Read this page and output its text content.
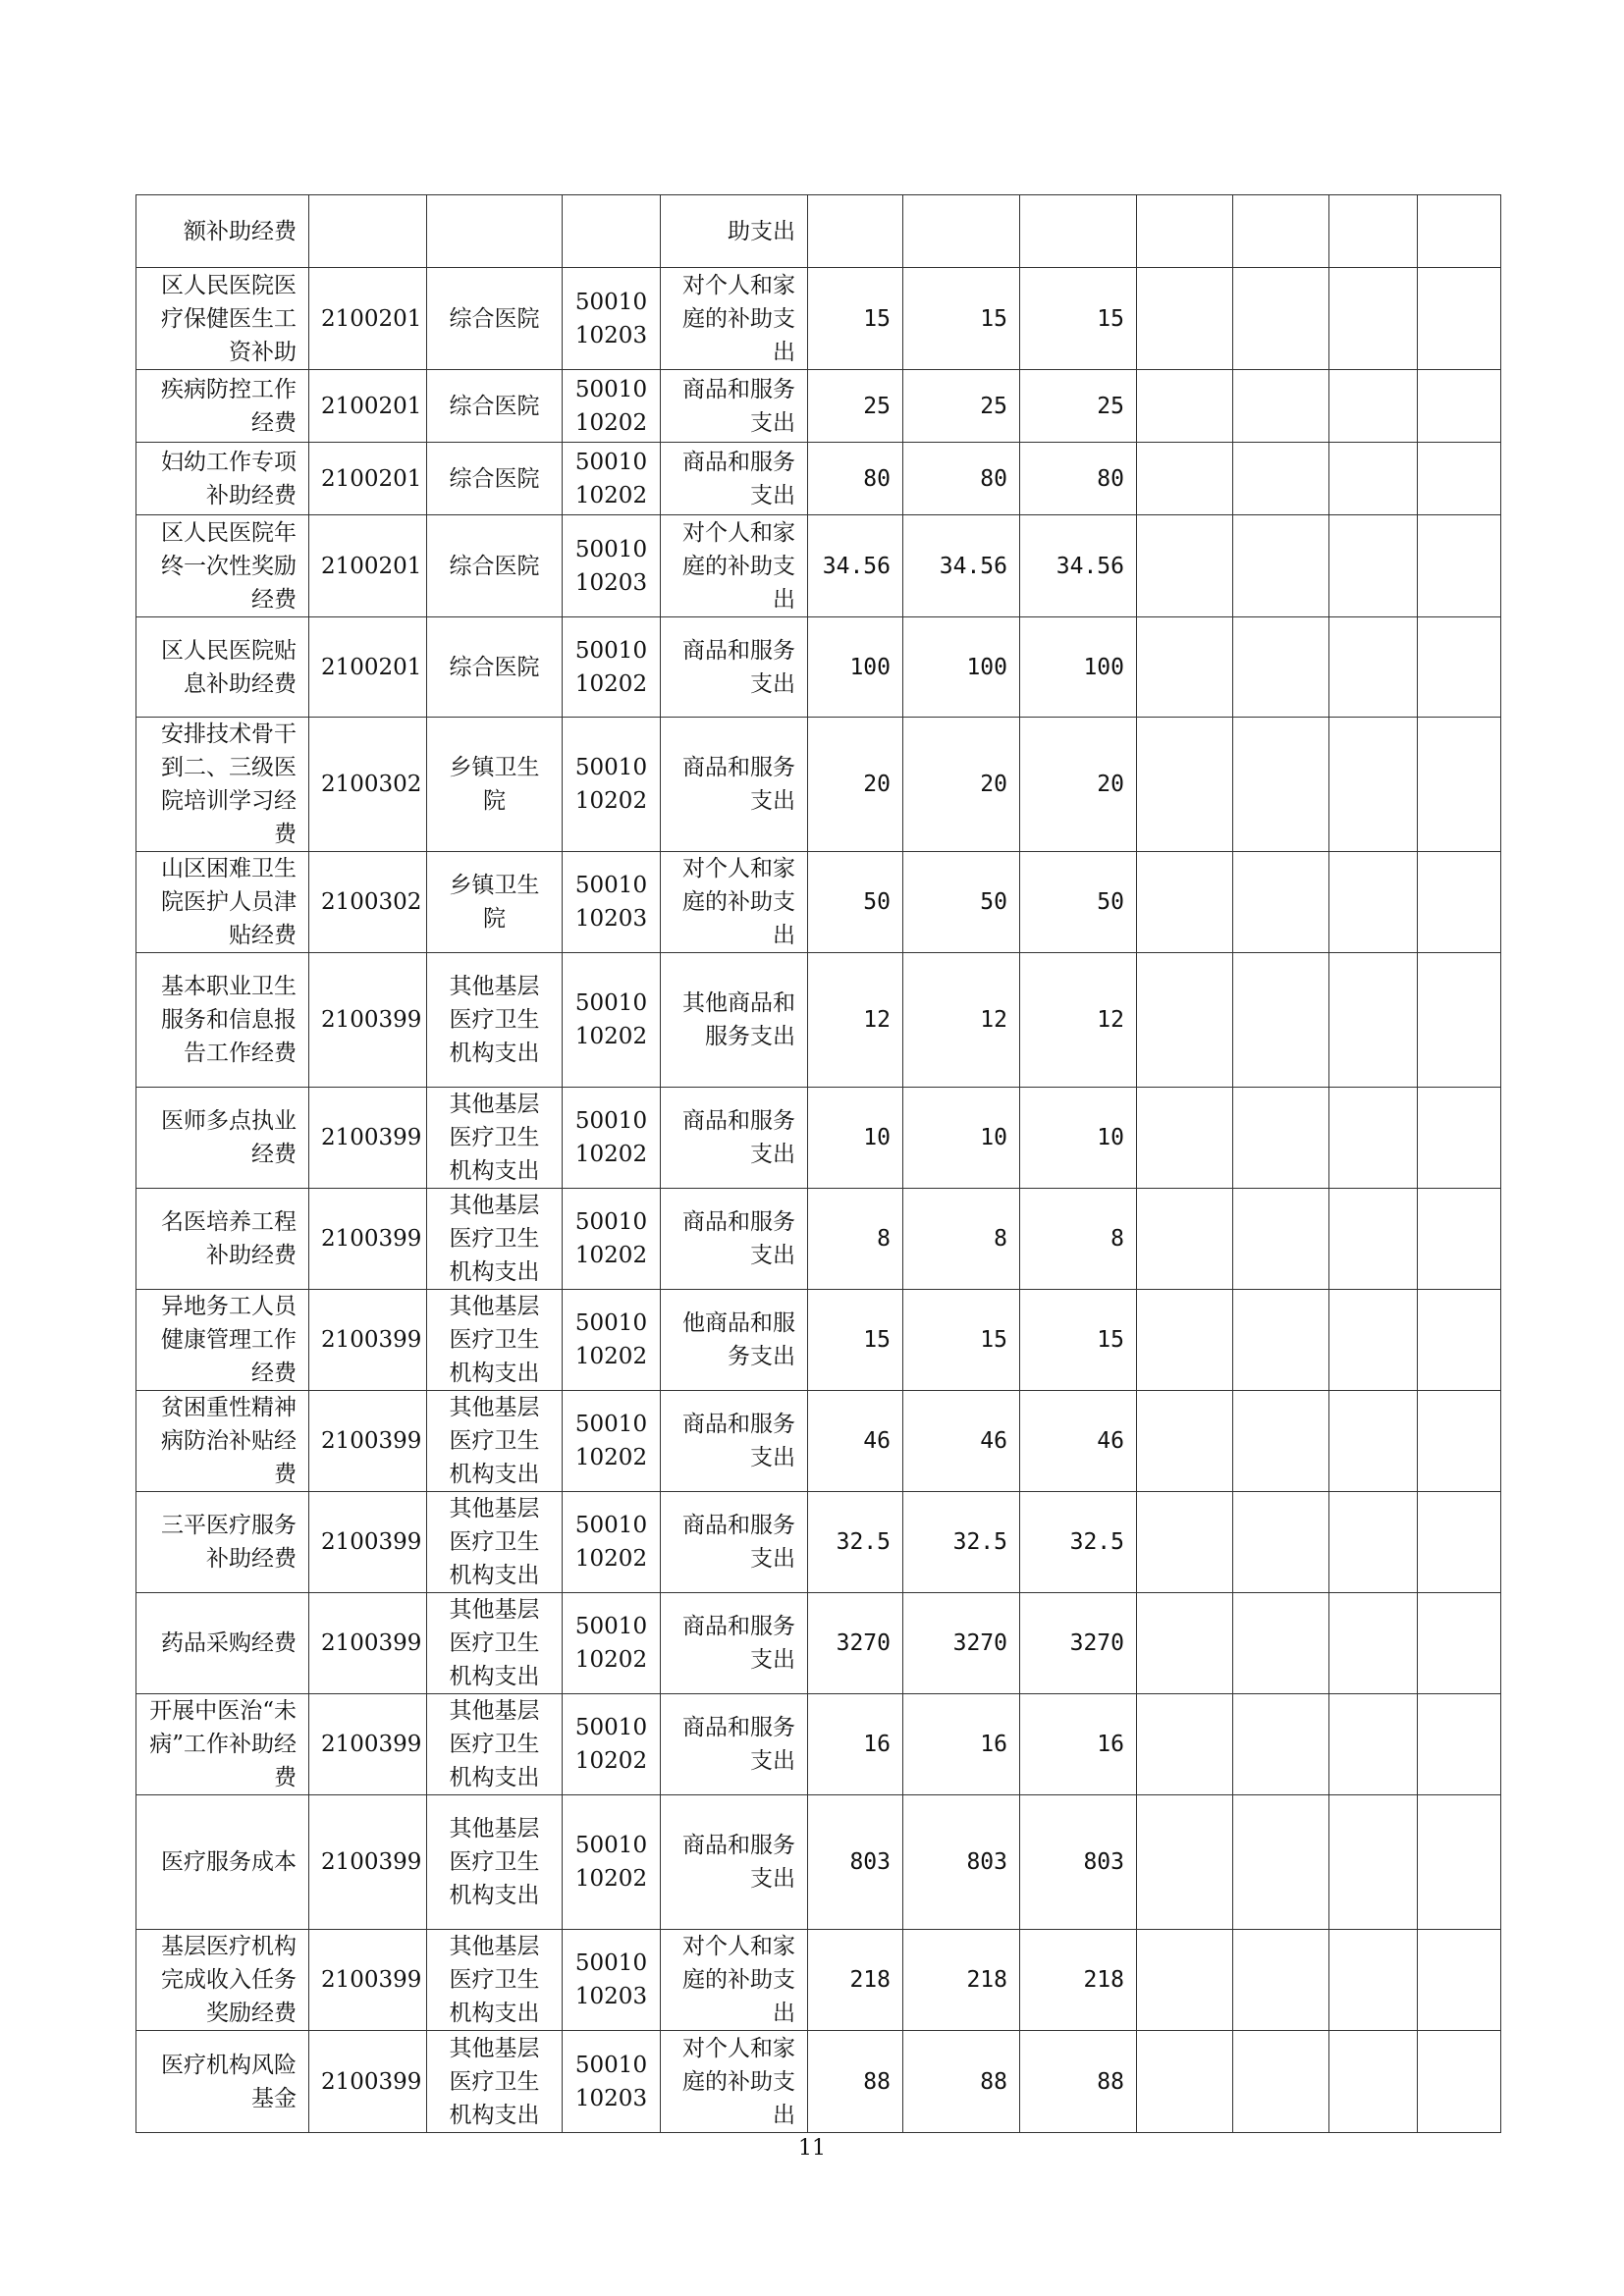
额补助经费				助支出							
区人民医院医疗保健医生工资补助	2100201	综合医院	5001010203	对个人和家庭的补助支出	15	15	15				
疾病防控工作经费	2100201	综合医院	5001010202	商品和服务支出	25	25	25				
妇幼工作专项补助经费	2100201	综合医院	5001010202	商品和服务支出	80	80	80				
区人民医院年终一次性奖励经费	2100201	综合医院	5001010203	对个人和家庭的补助支出	34.56	34.56	34.56				
区人民医院贴息补助经费	2100201	综合医院	5001010202	商品和服务支出	100	100	100				
安排技术骨干到二、三级医院培训学习经费	2100302	乡镇卫生院	5001010202	商品和服务支出	20	20	20				
山区困难卫生院医护人员津贴经费	2100302	乡镇卫生院	5001010203	对个人和家庭的补助支出	50	50	50				
基本职业卫生服务和信息报告工作经费	2100399	其他基层医疗卫生机构支出	5001010202	其他商品和服务支出	12	12	12				
医师多点执业经费	2100399	其他基层医疗卫生机构支出	5001010202	商品和服务支出	10	10	10				
名医培养工程补助经费	2100399	其他基层医疗卫生机构支出	5001010202	商品和服务支出	8	8	8				
异地务工人员健康管理工作经费	2100399	其他基层医疗卫生机构支出	5001010202	他商品和服务支出	15	15	15				
贫困重性精神病防治补贴经费	2100399	其他基层医疗卫生机构支出	5001010202	商品和服务支出	46	46	46				
三平医疗服务补助经费	2100399	其他基层医疗卫生机构支出	5001010202	商品和服务支出	32.5	32.5	32.5				
药品采购经费	2100399	其他基层医疗卫生机构支出	5001010202	商品和服务支出	3270	3270	3270				
开展中医治“未病”工作补助经费	2100399	其他基层医疗卫生机构支出	5001010202	商品和服务支出	16	16	16				
医疗服务成本	2100399	其他基层医疗卫生机构支出	5001010202	商品和服务支出	803	803	803				
基层医疗机构完成收入任务奖励经费	2100399	其他基层医疗卫生机构支出	5001010203	对个人和家庭的补助支出	218	218	218				
医疗机构风险基金	2100399	其他基层医疗卫生机构支出	5001010203	对个人和家庭的补助支出	88	88	88				
11
